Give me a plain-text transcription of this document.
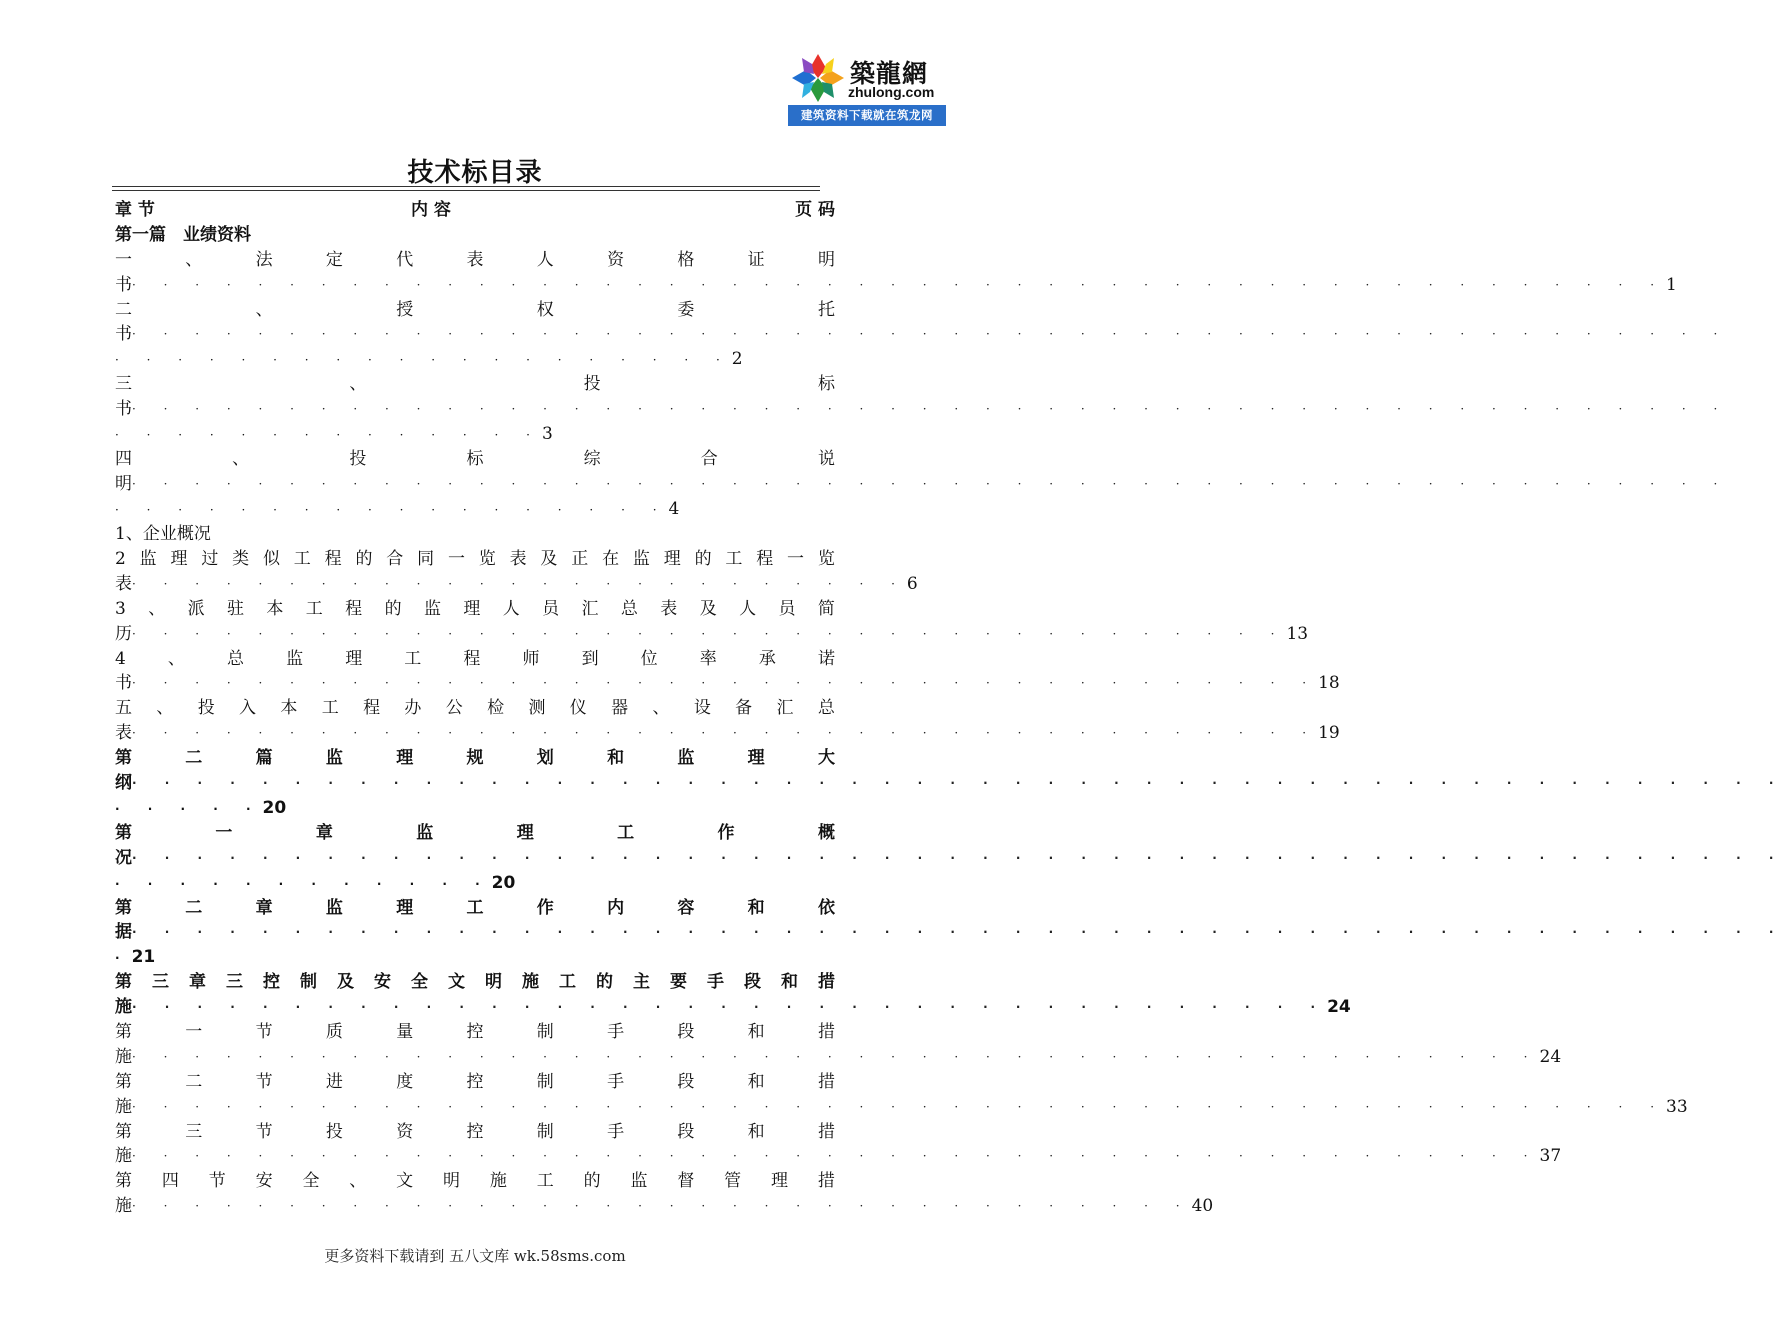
築龍網
zhulong.com
建筑资料下载就在筑龙网
技术标目录
章 节	内 容	页 码
第一篇　业绩资料
一	、	法	定	代	表	人	资	格	证	明
书 · · · · · · · · · · · · · · · · · · · · · · · · · · · · · · · · · · · · · · · · · · · · · · · · · 1
二	、	授	权	委	托
书 · · · · · · · · · · · · · · · · · · · · · · · · · · · · · · · · · · · · · · · · · · · · · · · · · · ·
· · · · · · · · · · · · · · · · · · · ·2
三	、	投	标
书 · · · · · · · · · · · · · · · · · · · · · · · · · · · · · · · · · · · · · · · · · · · · · · · · · · ·
· · · · · · · · · · · · · ·3
四	、	投	标	综	合	说
明 · · · · · · · · · · · · · · · · · · · · · · · · · · · · · · · · · · · · · · · · · · · · · · · · · · ·
· · · · · · · · · · · · · · · · · ·4
1、企业概况
2 监 理 过 类 似 工 程 的 合 同 一 览 表 及 正 在 监 理 的 工 程 一 览
表 · · · · · · · · · · · · · · · · · · · · · · · · · 6
3 、 派 驻 本 工 程 的 监 理 人 员 汇 总 表 及 人 员 简
历 · · · · · · · · · · · · · · · · · · · · · · · · · · · · · · · · · · · · · 13
4 、 总 监 理 工 程 师 到 位 率 承 诺
书 · · · · · · · · · · · · · · · · · · · · · · · · · · · · · · · · · · · · · · 18
五 、 投 入 本 工 程 办 公 检 测 仪 器 、 设 备 汇 总
表 · · · · · · · · · · · · · · · · · · · · · · · · · · · · · · · · · · · · · · 19
第	二	篇	监	理	规	划	和	监	理	大
纲 · · · · · · · · · · · · · · · · · · · · · · · · · · · · · · · · · · · · · · · · · · · · · · · · · · ·
· · · · ·20
第	一	章	监	理	工	作	概
况 · · · · · · · · · · · · · · · · · · · · · · · · · · · · · · · · · · · · · · · · · · · · · · · · · · ·
· · · · · · · · · · · ·20
第	二	章	监	理	工	作	内	容	和	依
据 · · · · · · · · · · · · · · · · · · · · · · · · · · · · · · · · · · · · · · · · · · · · · · · · · · ·
·21
第 三 章 三 控 制 及 安 全 文 明 施 工 的 主 要 手 段 和 措
施 · · · · · · · · · · · · · · · · · · · · · · · · · · · · · · · · · · · · · 24
第	一	节	质	量	控	制	手	段	和	措
施 · · · · · · · · · · · · · · · · · · · · · · · · · · · · · · · · · · · · · · · · · · · · · 24
第	二	节	进	度	控	制	手	段	和	措
施 · · · · · · · · · · · · · · · · · · · · · · · · · · · · · · · · · · · · · · · · · · · · · · · · · 33
第	三	节	投	资	控	制	手	段	和	措
施 · · · · · · · · · · · · · · · · · · · · · · · · · · · · · · · · · · · · · · · · · · · · · 37
第 四 节 安 全 、 文 明 施 工 的 监 督 管 理 措
施 · · · · · · · · · · · · · · · · · · · · · · · · · · · · · · · · · · 40
更多资料下载请到 五八文库 wk.58sms.com
